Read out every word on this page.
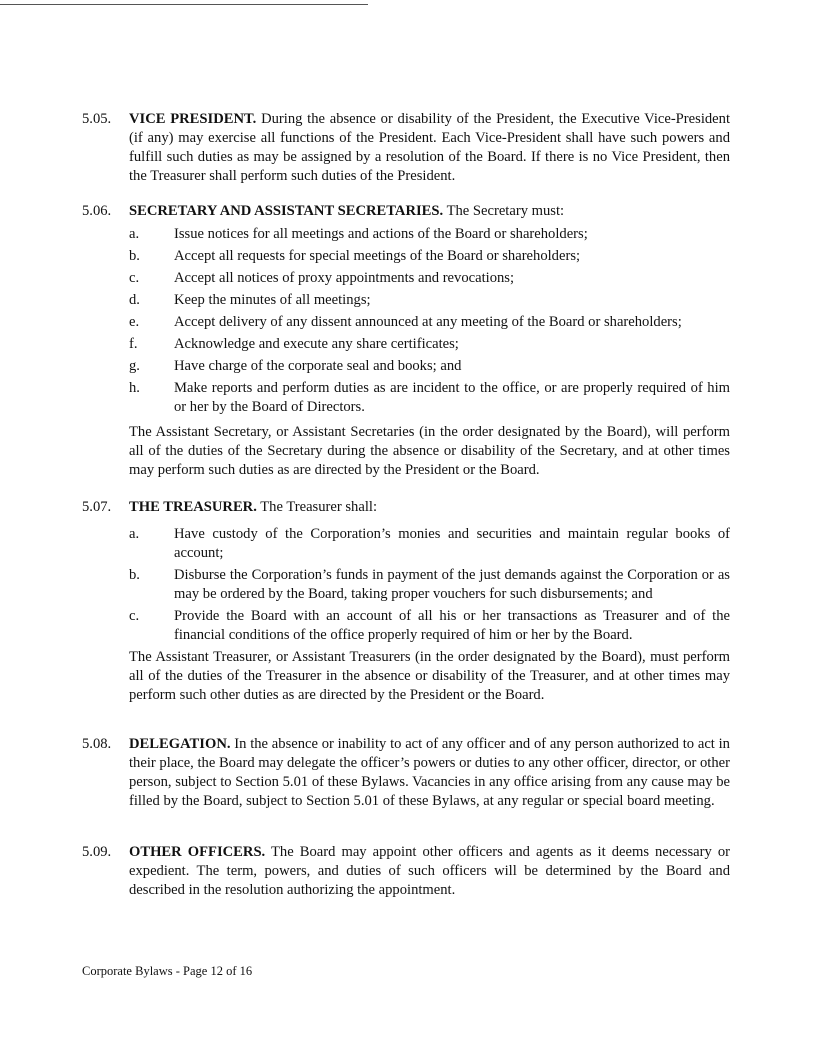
5.05. VICE PRESIDENT. During the absence or disability of the President, the Executive Vice-President (if any) may exercise all functions of the President. Each Vice-President shall have such powers and fulfill such duties as may be assigned by a resolution of the Board. If there is no Vice President, then the Treasurer shall perform such duties of the President.
5.06. SECRETARY AND ASSISTANT SECRETARIES. The Secretary must:
a. Issue notices for all meetings and actions of the Board or shareholders;
b. Accept all requests for special meetings of the Board or shareholders;
c. Accept all notices of proxy appointments and revocations;
d. Keep the minutes of all meetings;
e. Accept delivery of any dissent announced at any meeting of the Board or shareholders;
f. Acknowledge and execute any share certificates;
g. Have charge of the corporate seal and books; and
h. Make reports and perform duties as are incident to the office, or are properly required of him or her by the Board of Directors.
The Assistant Secretary, or Assistant Secretaries (in the order designated by the Board), will perform all of the duties of the Secretary during the absence or disability of the Secretary, and at other times may perform such duties as are directed by the President or the Board.
5.07. THE TREASURER. The Treasurer shall:
a. Have custody of the Corporation’s monies and securities and maintain regular books of account;
b. Disburse the Corporation’s funds in payment of the just demands against the Corporation or as may be ordered by the Board, taking proper vouchers for such disbursements; and
c. Provide the Board with an account of all his or her transactions as Treasurer and of the financial conditions of the office properly required of him or her by the Board.
The Assistant Treasurer, or Assistant Treasurers (in the order designated by the Board), must perform all of the duties of the Treasurer in the absence or disability of the Treasurer, and at other times may perform such other duties as are directed by the President or the Board.
5.08. DELEGATION. In the absence or inability to act of any officer and of any person authorized to act in their place, the Board may delegate the officer’s powers or duties to any other officer, director, or other person, subject to Section 5.01 of these Bylaws. Vacancies in any office arising from any cause may be filled by the Board, subject to Section 5.01 of these Bylaws, at any regular or special board meeting.
5.09. OTHER OFFICERS. The Board may appoint other officers and agents as it deems necessary or expedient. The term, powers, and duties of such officers will be determined by the Board and described in the resolution authorizing the appointment.
Corporate Bylaws - Page 12 of 16
